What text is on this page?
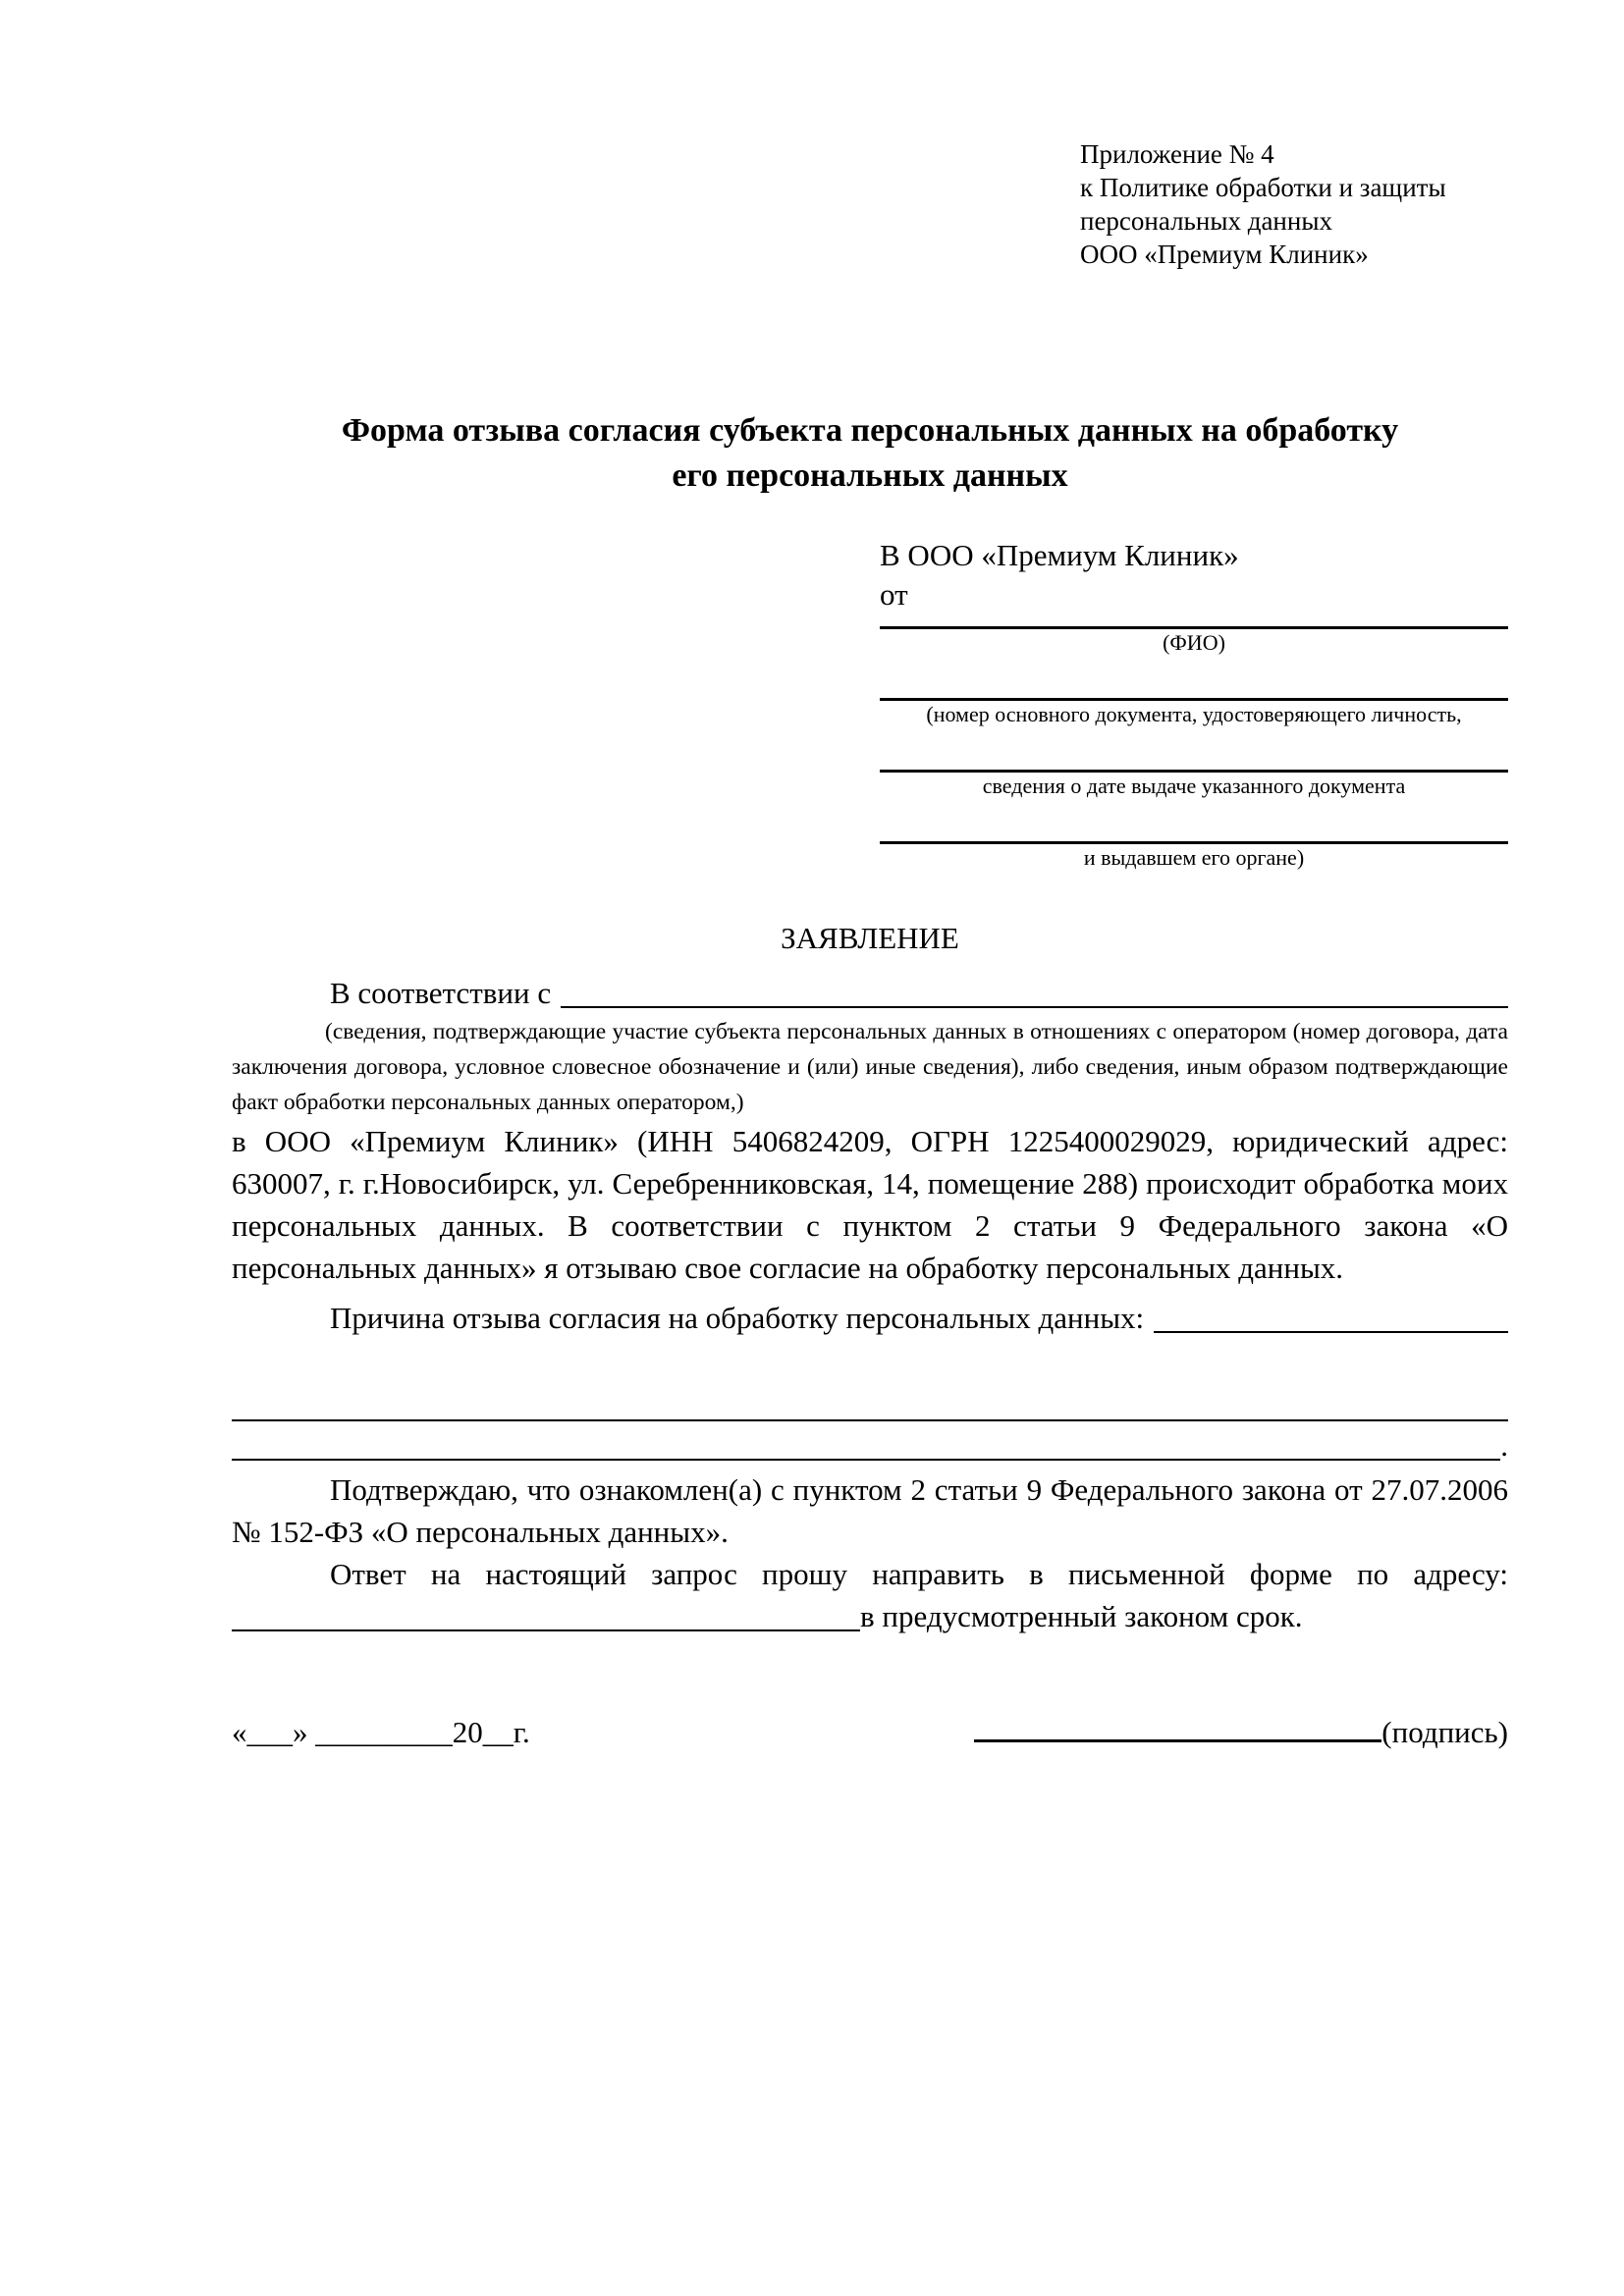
Приложение № 4
к Политике обработки и защиты
персональных данных
ООО «Премиум Клиник»
Форма отзыва согласия субъекта персональных данных на обработку
его персональных данных
В ООО «Премиум Клиник»
от
(ФИО)
(номер основного документа, удостоверяющего личность,
сведения о дате выдаче указанного документа
и выдавшем его органе)
ЗАЯВЛЕНИЕ
В соответствии с
(сведения, подтверждающие участие субъекта персональных данных в отношениях с оператором (номер договора, дата заключения договора, условное словесное обозначение и (или) иные сведения), либо сведения, иным образом подтверждающие факт обработки персональных данных оператором,)

в ООО «Премиум Клиник» (ИНН 5406824209, ОГРН 1225400029029, юридический адрес: 630007, г. г.Новосибирск, ул. Серебренниковская, 14, помещение 288) происходит обработка моих персональных данных. В соответствии с пунктом 2 статьи 9 Федерального закона «О персональных данных» я отзываю свое согласие на обработку персональных данных.

Причина отзыва согласия на обработку персональных данных:
.

Подтверждаю, что ознакомлен(а) с пунктом 2 статьи 9 Федерального закона от 27.07.2006 № 152-ФЗ «О персональных данных».

Ответ на настоящий запрос прошу направить в письменной форме по адресу:

в предусмотренный законом срок.
«___» _________20__г.	(подпись)
